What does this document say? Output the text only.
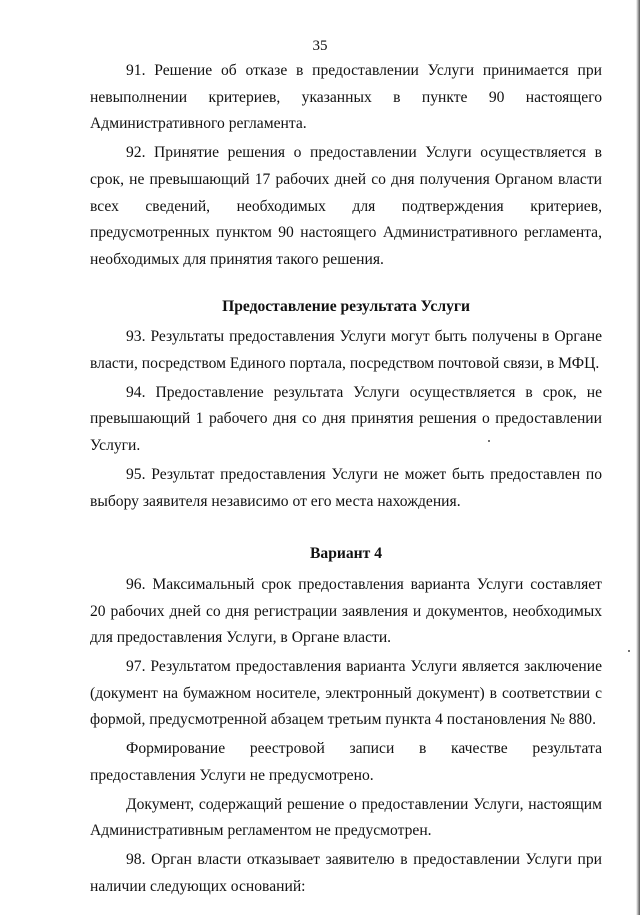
35

91. Решение об отказе в предоставлении Услуги принимается при невыполнении критериев, указанных в пункте 90 настоящего Административного регламента.

92. Принятие решения о предоставлении Услуги осуществляется в срок, не превышающий 17 рабочих дней со дня получения Органом власти всех сведений, необходимых для подтверждения критериев, предусмотренных пунктом 90 настоящего Административного регламента, необходимых для принятия такого решения.

Предоставление результата Услуги

93. Результаты предоставления Услуги могут быть получены в Органе власти, посредством Единого портала, посредством почтовой связи, в МФЦ.

94. Предоставление результата Услуги осуществляется в срок, не превышающий 1 рабочего дня со дня принятия решения о предоставлении Услуги.

95. Результат предоставления Услуги не может быть предоставлен по выбору заявителя независимо от его места нахождения.

Вариант 4

96. Максимальный срок предоставления варианта Услуги составляет 20 рабочих дней со дня регистрации заявления и документов, необходимых для предоставления Услуги, в Органе власти.

97. Результатом предоставления варианта Услуги является заключение (документ на бумажном носителе, электронный документ) в соответствии с формой, предусмотренной абзацем третьим пункта 4 постановления № 880.

Формирование реестровой записи в качестве результата предоставления Услуги не предусмотрено.

Документ, содержащий решение о предоставлении Услуги, настоящим Административным регламентом не предусмотрен.

98. Орган власти отказывает заявителю в предоставлении Услуги при наличии следующих оснований:
